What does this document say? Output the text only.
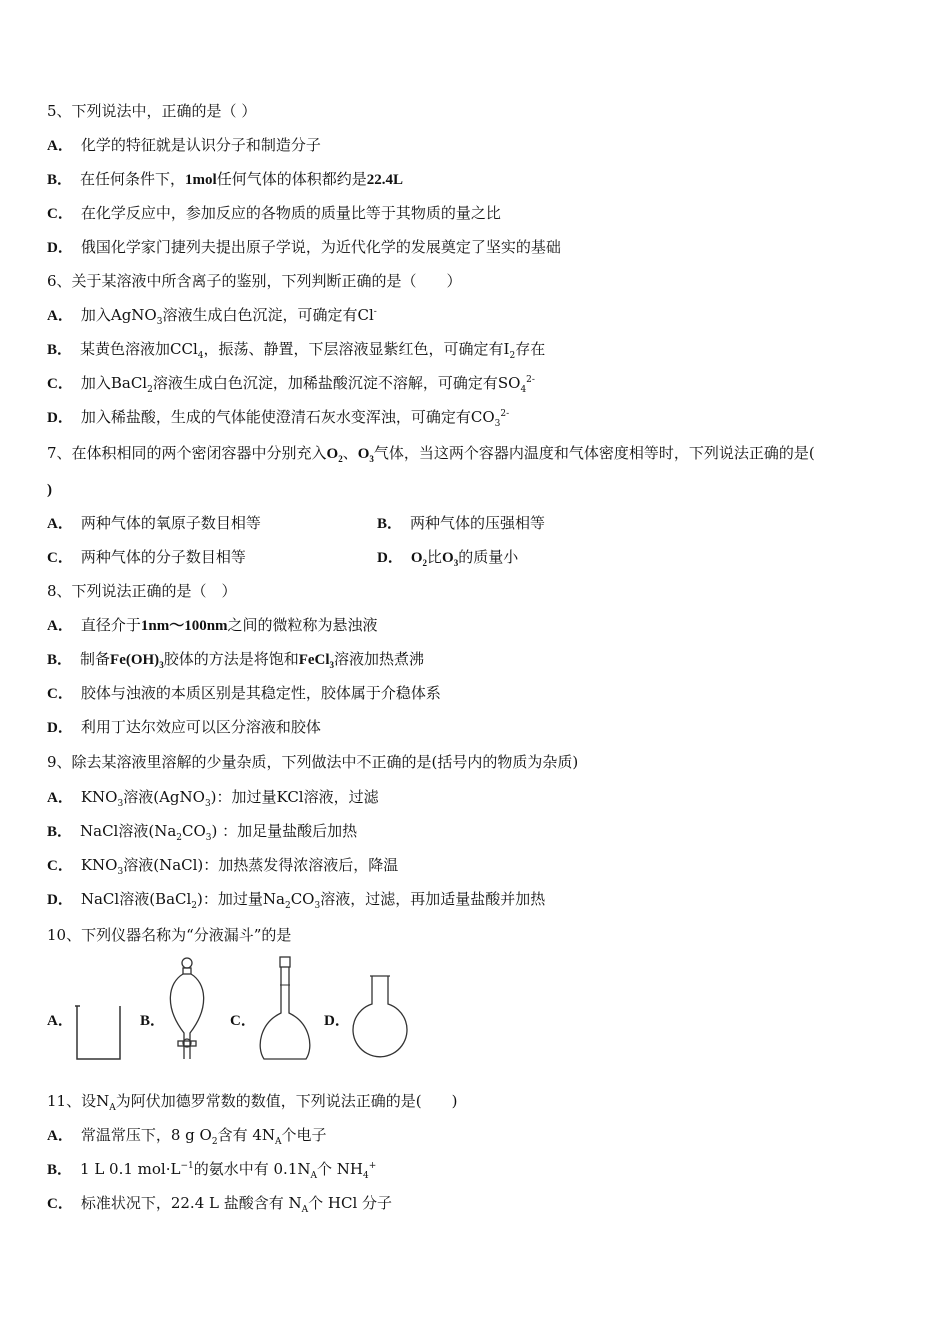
5、下列说法中，正确的是（ ）
A． 化学的特征就是认识分子和制造分子
B． 在任何条件下，1mol任何气体的体积都约是22.4L
C． 在化学反应中，参加反应的各物质的质量比等于其物质的量之比
D． 俄国化学家门捷列夫提出原子学说，为近代化学的发展奠定了坚实的基础
6、关于某溶液中所含离子的鉴别，下列判断正确的是（　　）
A． 加入AgNO$_3$溶液生成白色沉淀，可确定有Cl-
B． 某黄色溶液加CCl$_4$，振荡、静置，下层溶液显紫红色，可确定有$I_2$存在
C． 加入BaCl$_2$溶液生成白色沉淀，加稀盐酸沉淀不溶解，可确定有$SO_4^{2-}$
D． 加入稀盐酸，生成的气体能使澄清石灰水变浑浊，可确定有$CO_3^{2-}$
7、在体积相同的两个密闭容器中分别充入$O_2$、$O_3$气体，当这两个容器内温度和气体密度相等时，下列说法正确的是(
)
A． 两种气体的氧原子数目相等	B． 两种气体的压强相等
C． 两种气体的分子数目相等	D． $O_2$比$O_3$的质量小
8、下列说法正确的是（　）
A． 直径介于1nm～100nm之间的微粒称为悬浊液
B． 制备$Fe(OH)_3$胶体的方法是将饱和FeCl$_3$溶液加热煮沸
C． 胶体与浊液的本质区别是其稳定性，胶体属于介稳体系
D． 利用丁达尔效应可以区分溶液和胶体
9、除去某溶液里溶解的少量杂质，下列做法中不正确的是(括号内的物质为杂质)
A． $KNO_3$溶液(AgNO$_3$)：加过量KCl溶液，过滤
B． NaCl溶液$(Na_2CO_3)$ ：加足量盐酸后加热
C． $KNO_3$溶液(NaCl)：加热蒸发得浓溶液后，降温
D． NaCl溶液(BaCl$_2$)：加过量$Na_2CO_3$溶液，过滤，再加适量盐酸并加热
10、下列仪器名称为“分液漏斗”的是
A．	B．	C．	D．
11、设$N_A$为阿伏加德罗常数的数值，下列说法正确的是(　　)
A． 常温常压下，8 g $O_2$含有 $4N_A$个电子
B． 1 L 0.1 $mol\cdot L^{-1}$的氨水中有 $0.1N_A$个 $NH_4^+$
C． 标准状况下，22.4 L 盐酸含有 $N_A$个 HCl 分子
